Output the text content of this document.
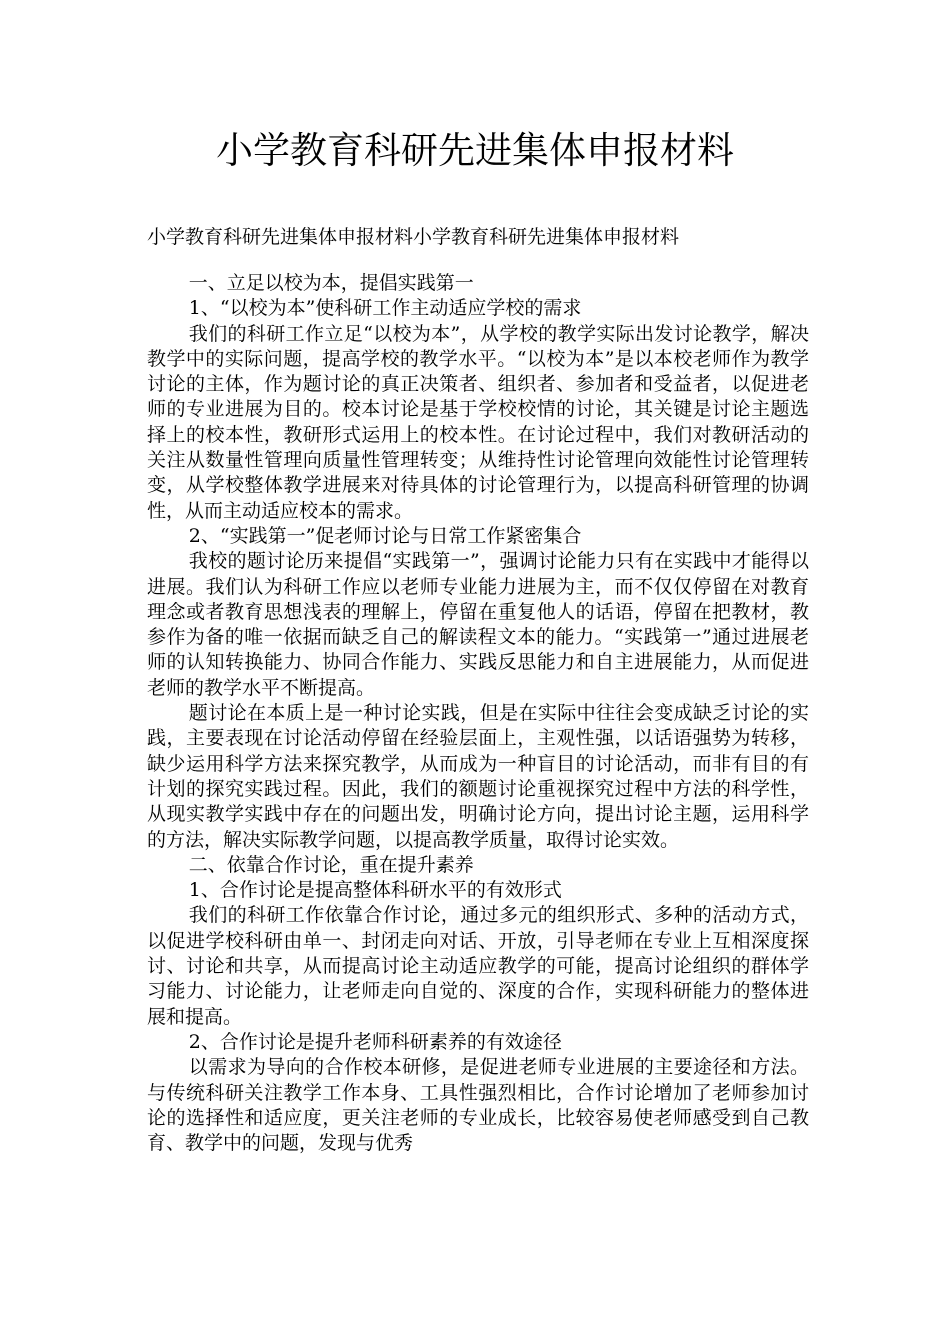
小学教育科研先进集体申报材料

小学教育科研先进集体申报材料小学教育科研先进集体申报材料

一、立足以校为本，提倡实践第一

1、“以校为本”使科研工作主动适应学校的需求

我们的科研工作立足“以校为本”，从学校的教学实际出发讨论教学，解决教学中的实际问题，提高学校的教学水平。“以校为本”是以本校老师作为教学讨论的主体，作为题讨论的真正决策者、组织者、参加者和受益者，以促进老师的专业进展为目的。校本讨论是基于学校校情的讨论，其关键是讨论主题选择上的校本性，教研形式运用上的校本性。在讨论过程中，我们对教研活动的关注从数量性管理向质量性管理转变；从维持性讨论管理向效能性讨论管理转变，从学校整体教学进展来对待具体的讨论管理行为，以提高科研管理的协调性，从而主动适应校本的需求。

2、“实践第一”促老师讨论与日常工作紧密集合

我校的题讨论历来提倡“实践第一”，强调讨论能力只有在实践中才能得以进展。我们认为科研工作应以老师专业能力进展为主，而不仅仅停留在对教育理念或者教育思想浅表的理解上，停留在重复他人的话语，停留在把教材，教参作为备的唯一依据而缺乏自己的解读程文本的能力。“实践第一”通过进展老师的认知转换能力、协同合作能力、实践反思能力和自主进展能力，从而促进老师的教学水平不断提高。

题讨论在本质上是一种讨论实践，但是在实际中往往会变成缺乏讨论的实践，主要表现在讨论活动停留在经验层面上，主观性强，以话语强势为转移，缺少运用科学方法来探究教学，从而成为一种盲目的讨论活动，而非有目的有计划的探究实践过程。因此，我们的额题讨论重视探究过程中方法的科学性，从现实教学实践中存在的问题出发，明确讨论方向，提出讨论主题，运用科学的方法，解决实际教学问题，以提高教学质量，取得讨论实效。

二、依靠合作讨论，重在提升素养

1、合作讨论是提高整体科研水平的有效形式

我们的科研工作依靠合作讨论，通过多元的组织形式、多种的活动方式，以促进学校科研由单一、封闭走向对话、开放，引导老师在专业上互相深度探讨、讨论和共享，从而提高讨论主动适应教学的可能，提高讨论组织的群体学习能力、讨论能力，让老师走向自觉的、深度的合作，实现科研能力的整体进展和提高。

2、合作讨论是提升老师科研素养的有效途径

以需求为导向的合作校本研修，是促进老师专业进展的主要途径和方法。与传统科研关注教学工作本身、工具性强烈相比，合作讨论增加了老师参加讨论的选择性和适应度，更关注老师的专业成长，比较容易使老师感受到自己教育、教学中的问题，发现与优秀
